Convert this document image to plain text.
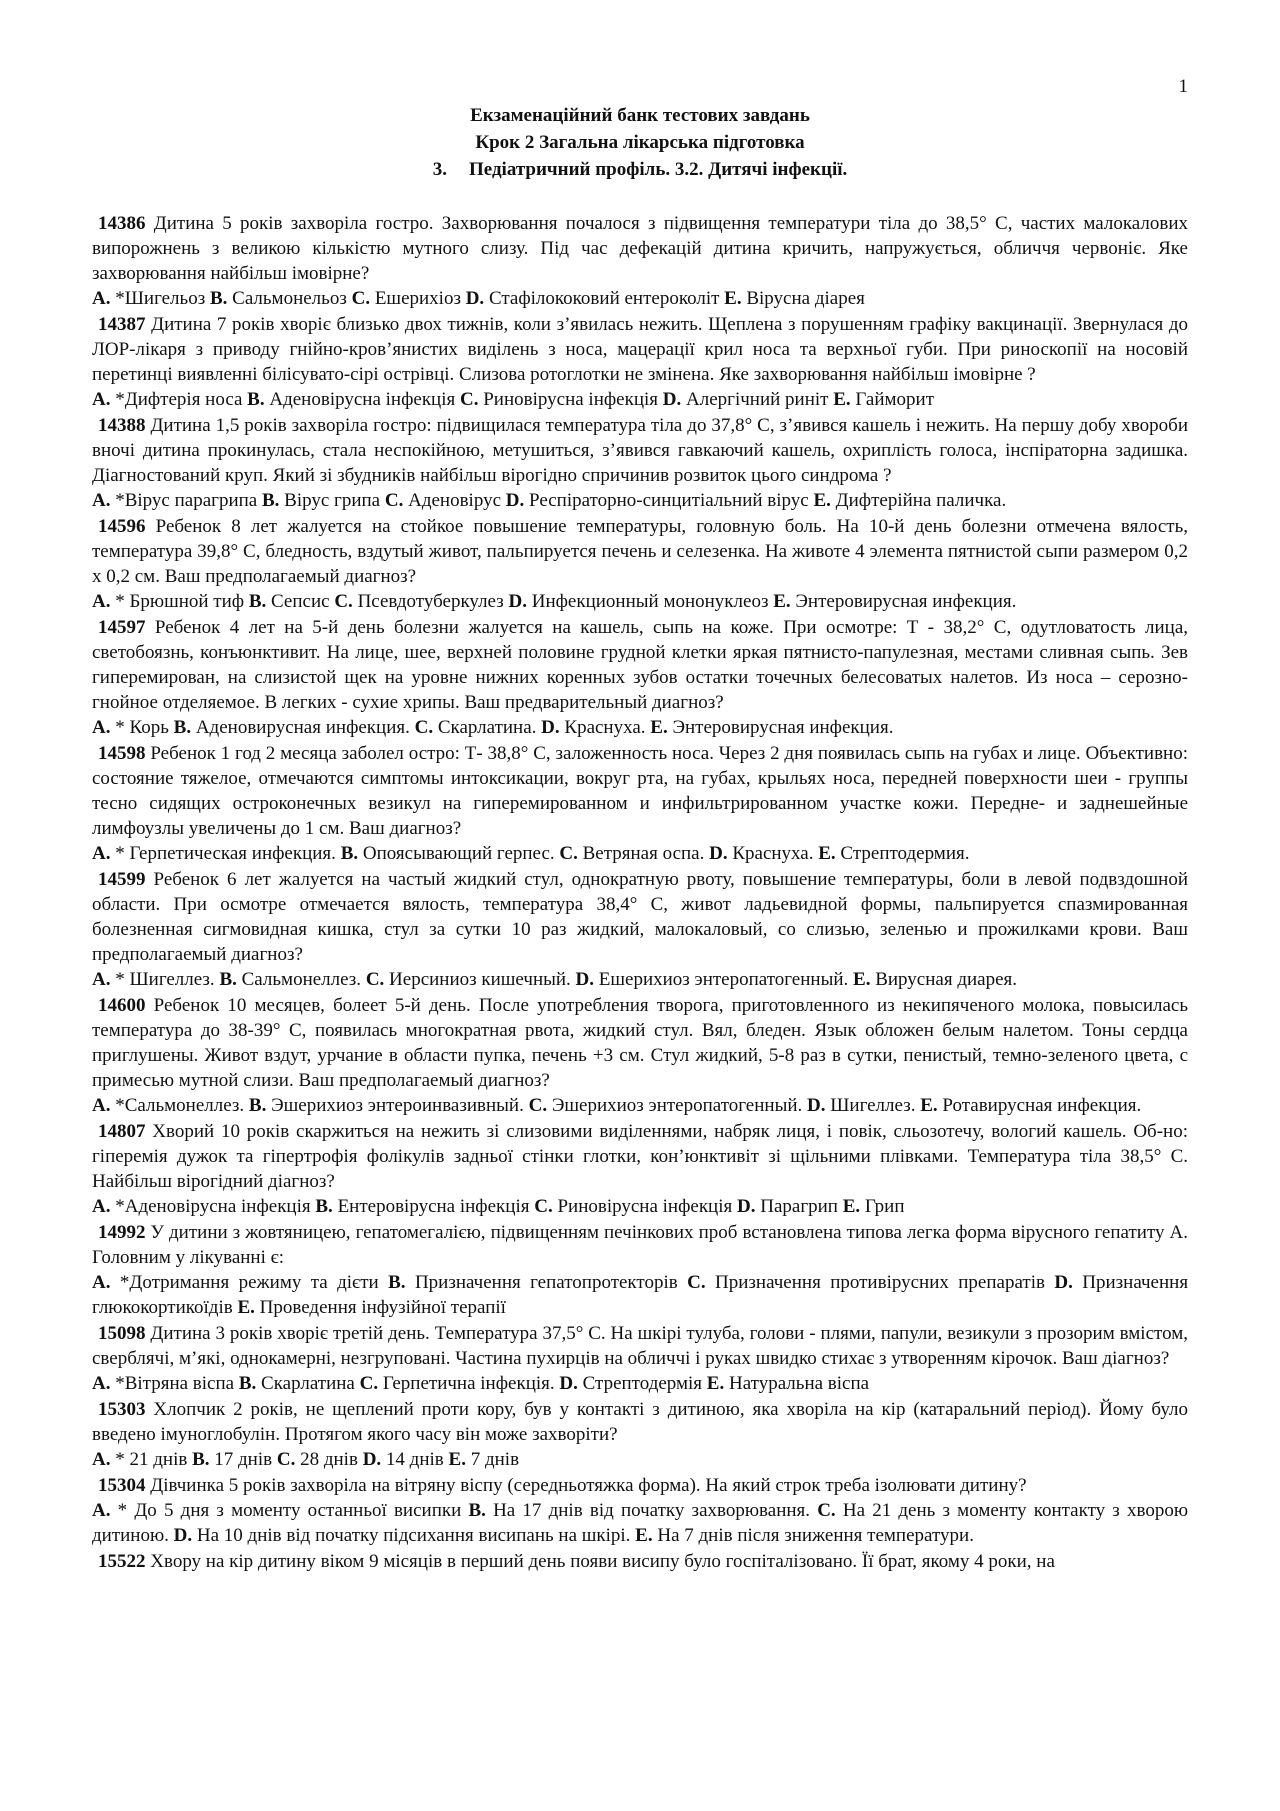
1
Екзаменаційний банк тестових завдань
Крок 2 Загальна лікарська підготовка
3. Педіатричний профіль. 3.2. Дитячі інфекції.

14386 Дитина 5 років захворіла гостро. Захворювання почалося з підвищення температури тіла до 38,5° С, частих малокалових випорожнень з великою кількістю мутного слизу. Під час дефекацій дитина кричить, напружується, обличчя червоніє. Яке захворювання найбільш імовірне?

A. *Шигельоз B. Сальмонельоз C. Ешерихіоз D. Стафілококовий ентероколіт E. Вірусна діарея

14387 Дитина 7 років хворіє близько двох тижнів, коли з’явилась нежить. Щеплена з порушенням графіку вакцинації. Звернулася до ЛОР-лікаря з приводу гнійно-кров’янистих виділень з носа, мацерації крил носа та верхньої губи. При риноскопії на носовій перетинці виявленні білісувато-сірі острівці. Слизова ротоглотки не змінена. Яке захворювання найбільш імовірне ?

A. *Дифтерія носа B. Аденовірусна інфекція C. Риновірусна інфекція D. Алергічний риніт E. Гайморит

14388 Дитина 1,5 років захворіла гостро: підвищилася температура тіла до 37,8° С, з’явився кашель і нежить. На першу добу хвороби вночі дитина прокинулась, стала неспокійною, метушиться, з’явився гавкаючий кашель, охриплість голоса, інспіраторна задишка. Діагностований круп. Який зі збудників найбільш вірогідно спричинив розвиток цього синдрома ?

A. *Вірус парагрипа B. Вірус грипа C. Аденовірус D. Респіраторно-синцитіальний вірус E. Дифтерійна паличка.

14596 Ребенок 8 лет жалуется на стойкое повышение температуры, головную боль. На 10-й день болезни отмечена вялость, температура 39,8° С, бледность, вздутый живот, пальпируется печень и селезенка. На животе 4 элемента пятнистой сыпи размером 0,2 х 0,2 см. Ваш предполагаемый диагноз?

A. * Брюшной тиф B. Сепсис C. Псевдотуберкулез D. Инфекционный мононуклеоз E. Энтеровирусная инфекция.

14597 Ребенок 4 лет на 5-й день болезни жалуется на кашель, сыпь на коже. При осмотре: Т - 38,2° С, одутловатость лица, светобоязнь, конъюнктивит. На лице, шее, верхней половине грудной клетки яркая пятнисто-папулезная, местами сливная сыпь. Зев гиперемирован, на слизистой щек на уровне нижних коренных зубов остатки точечных белесоватых налетов. Из носа – серозно-гнойное отделяемое. В легких - сухие хрипы. Ваш предварительный диагноз?

A. * Корь B. Аденовирусная инфекция. C. Скарлатина. D. Краснуха. E. Энтеровирусная инфекция.

14598 Ребенок 1 год 2 месяца заболел остро: Т- 38,8° С, заложенность носа. Через 2 дня появилась сыпь на губах и лице. Объективно: состояние тяжелое, отмечаются симптомы интоксикации, вокруг рта, на губах, крыльях носа, передней поверхности шеи - группы тесно сидящих остроконечных везикул на гиперемированном и инфильтрированном участке кожи. Передне- и заднешейные лимфоузлы увеличены до 1 см. Ваш диагноз?

A. * Герпетическая инфекция. B. Опоясывающий герпес. C. Ветряная оспа. D. Краснуха. E. Стрептодермия.

14599 Ребенок 6 лет жалуется на частый жидкий стул, однократную рвоту, повышение температуры, боли в левой подвздошной области. При осмотре отмечается вялость, температура 38,4° С, живот ладьевидной формы, пальпируется спазмированная болезненная сигмовидная кишка, стул за сутки 10 раз жидкий, малокаловый, со слизью, зеленью и прожилками крови. Ваш предполагаемый диагноз?

A. * Шигеллез. B. Сальмонеллез. C. Иерсиниоз кишечный. D. Ешерихиоз энтеропатогенный. E. Вирусная диарея.

14600 Ребенок 10 месяцев, болеет 5-й день. После употребления творога, приготовленного из некипяченого молока, повысилась температура до 38-39° С, появилась многократная рвота, жидкий стул. Вял, бледен. Язык обложен белым налетом. Тоны сердца приглушены. Живот вздут, урчание в области пупка, печень +3 см. Стул жидкий, 5-8 раз в сутки, пенистый, темно-зеленого цвета, с примесью мутной слизи. Ваш предполагаемый диагноз?

A. *Сальмонеллез. B. Эшерихиоз энтероинвазивный. C. Эшерихиоз энтеропатогенный. D. Шигеллез. E. Ротавирусная инфекция.

14807 Хворий 10 років скаржиться на нежить зі слизовими виділеннями, набряк лиця, і повік, сльозотечу, вологий кашель. Об-но: гіперемія дужок та гіпертрофія фолікулів задньої стінки глотки, кон’юнктивіт зі щільними плівками. Температура тіла 38,5° С. Найбільш вірогідний діагноз?

A. *Аденовірусна інфекція B. Ентеровірусна інфекція C. Риновірусна інфекція D. Парагрип E. Грип

14992 У дитини з жовтяницею, гепатомегалією, підвищенням печінкових проб встановлена типова легка форма вірусного гепатиту А. Головним у лікуванні є:

A. *Дотримання режиму та дієти B. Призначення гепатопротекторів C. Призначення противірусних препаратів D. Призначення глюкокортикоїдів E. Проведення інфузійної терапії

15098 Дитина 3 років хворіє третій день. Температура 37,5° С. На шкірі тулуба, голови - плями, папули, везикули з прозорим вмістом, сверблячі, м’які, однокамерні, незгруповані. Частина пухирців на обличчі і руках швидко стихає з утворенням кірочок. Ваш діагноз?

A. *Вітряна віспа B. Скарлатина C. Герпетична інфекція. D. Стрептодермія E. Натуральна віспа

15303 Хлопчик 2 років, не щеплений проти кору, був у контакті з дитиною, яка хворіла на кір (катаральний період). Йому було введено імуноглобулін. Протягом якого часу він може захворіти?

A. * 21 днів B. 17 днів C. 28 днів D. 14 днів E. 7 днів

15304 Дівчинка 5 років захворіла на вітряну віспу (середньотяжка форма). На який строк треба ізолювати дитину?

A. * До 5 дня з моменту останньої висипки B. На 17 днів від початку захворювання. C. На 21 день з моменту контакту з хворою дитиною. D. На 10 днів від початку підсихання висипань на шкірі. E. На 7 днів після зниження температури.

15522 Хвору на кір дитину віком 9 місяців в перший день появи висипу було госпіталізовано. Її брат, якому 4 роки, на
